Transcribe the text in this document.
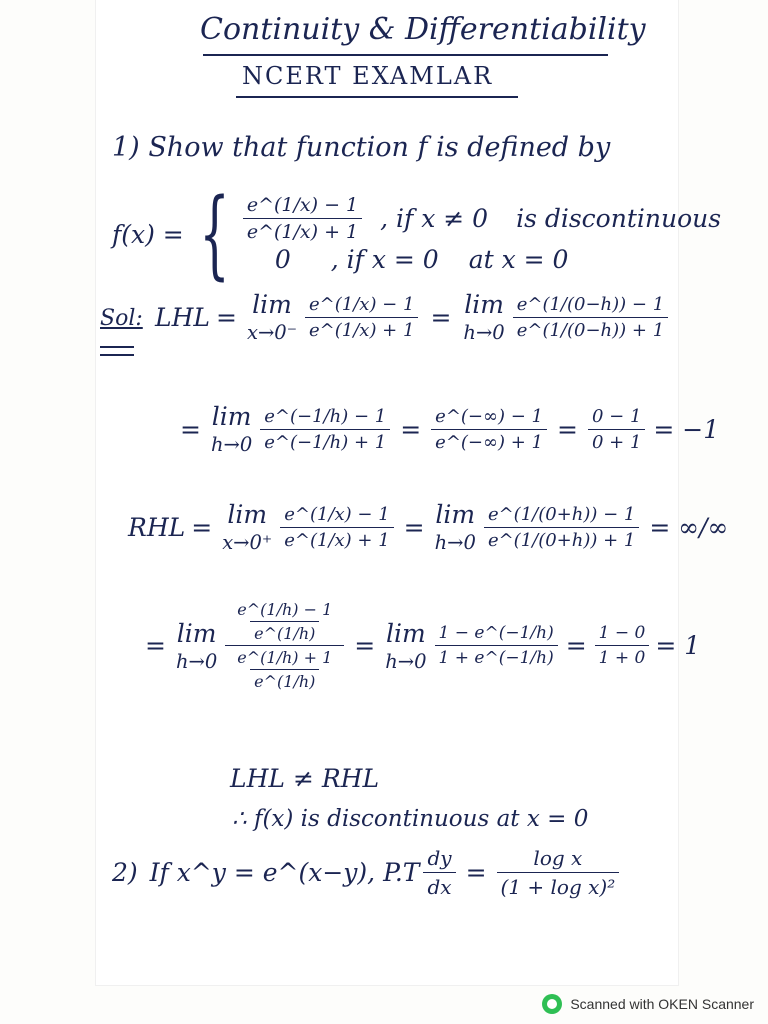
Continuity & Differentiability
NCERT EXAMLAR
1) Show that function f is defined by
f(x) = { $\frac{e\^{}(1/x) - 1}{e\^{}(1/x) + 1}$ , if x ≠ 0 is discontinuous
0 , if x = 0 at x = 0
Sol: LHL = lim
$x\to 0^- \frac{e\^{}(1/x) - 1}{e\^{}(1/x) + 1} = \lim$
$h\to 0 \frac{e\^{}(1/(0-h)) - 1}{e\^{}(1/(0-h)) + 1}$
= lim
$h\to 0 \frac{e\^{}(-1/h) - 1}{e\^{}(-1/h) + 1} = \frac{e\^{}(-\infty) - 1}{e\^{}(-\infty) + 1} = \frac{0 - 1}{0 + 1} = -1$
RHL = lim
$x\to 0^+ \frac{e\^{}(1/x) - 1}{e\^{}(1/x) + 1} = \lim$
$h\to 0 \frac{e\^{}(1/(0+h)) - 1}{e\^{}(1/(0+h)) + 1}$ = ∞/∞
= lim
$h\to 0 \frac{\frac{e\^{}(1/h) - 1}{e\^{}(1/h)}}{\frac{e\^{}(1/h) + 1}{e\^{}(1/h)}} = \lim$
$h\to 0 \frac{1 - e\^{}(-1/h)}{1 + e\^{}(-1/h)} = \frac{1 - 0}{1 + 0} = 1$
LHL ≠ RHL
∴ f(x) is discontinuous at x = 0
2) If x^y = e^(x−y), $P.T \frac{dy}{dx} = \frac{\text{log x}}{\text{(1 + log x)²}}$
Scanned with OKEN Scanner
